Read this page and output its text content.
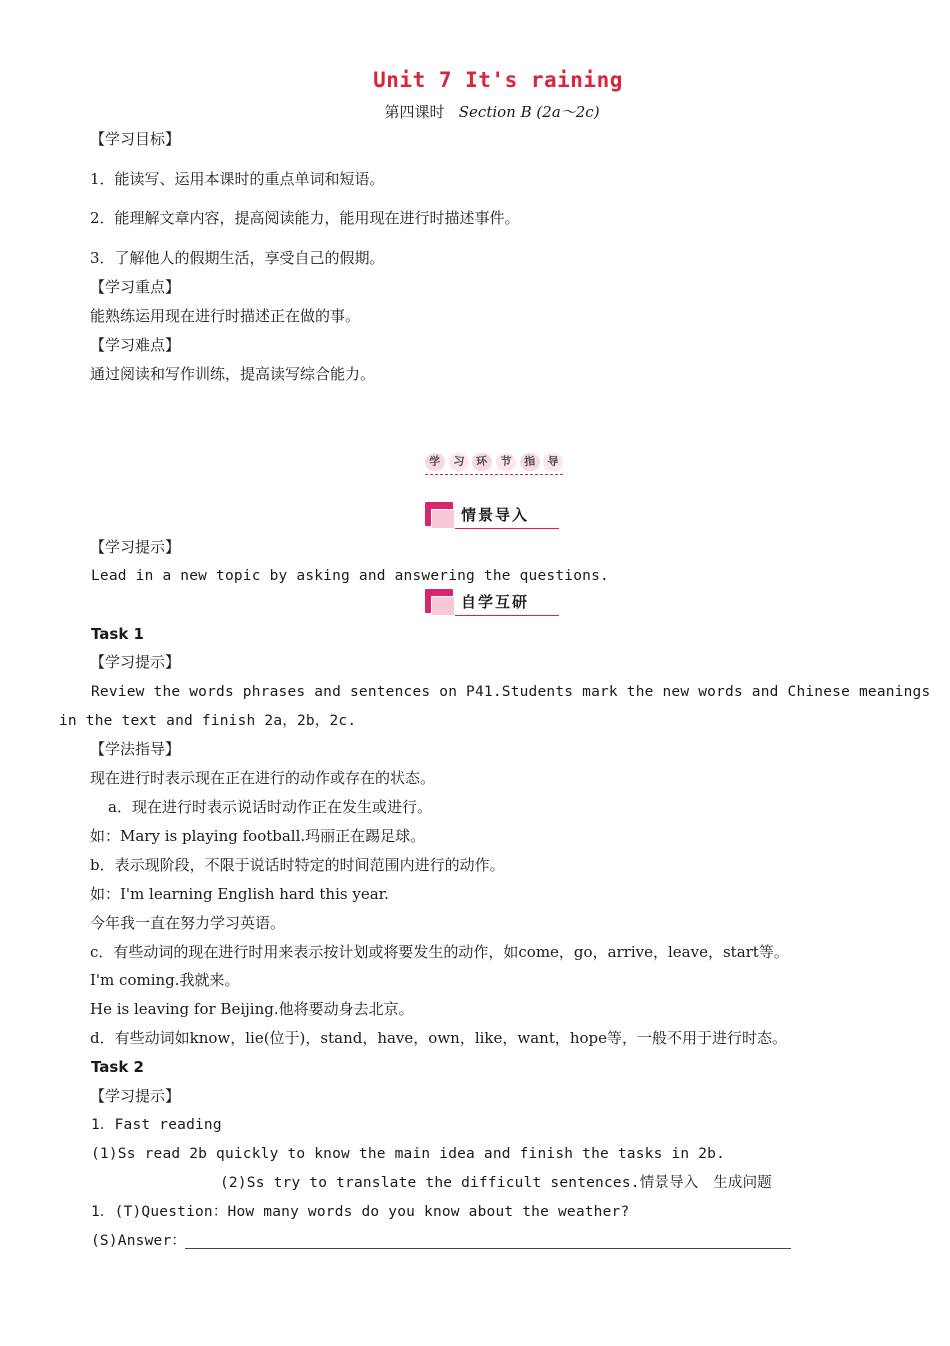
Unit 7 It's raining
第四课时 Section B (2a～2c)
【学习目标】
1．能读写、运用本课时的重点单词和短语。
2．能理解文章内容，提高阅读能力，能用现在进行时描述事件。
3．了解他人的假期生活，享受自己的假期。
【学习重点】
能熟练运用现在进行时描述正在做的事。
【学习难点】
通过阅读和写作训练，提高读写综合能力。
学	习	环	节	指	导
情景导入
【学习提示】
Lead in a new topic by asking and answering the questions.
自学互研
Task 1
【学习提示】
Review the words phrases and sentences on P41.Students mark the new words and Chinese meanings
in the text and finish 2a，2b，2c.
【学法指导】
现在进行时表示现在正在进行的动作或存在的状态。
a．现在进行时表示说话时动作正在发生或进行。
如：Mary is playing football.玛丽正在踢足球。
b．表示现阶段，不限于说话时特定的时间范围内进行的动作。
如：I'm learning English hard this year.
今年我一直在努力学习英语。
c．有些动词的现在进行时用来表示按计划或将要发生的动作，如come，go，arrive，leave，start等。
I'm coming.我就来。
He is leaving for Beijing.他将要动身去北京。
d．有些动词如know，lie(位于)，stand，have，own，like，want，hope等，一般不用于进行时态。
Task 2
【学习提示】
1．Fast reading
(1)Ss read 2b quickly to know the main idea and finish the tasks in 2b.
(2)Ss try to translate the difficult sentences.情景导入　生成问题
1．(T)Question：How many words do you know about the weather?
(S)Answer：
